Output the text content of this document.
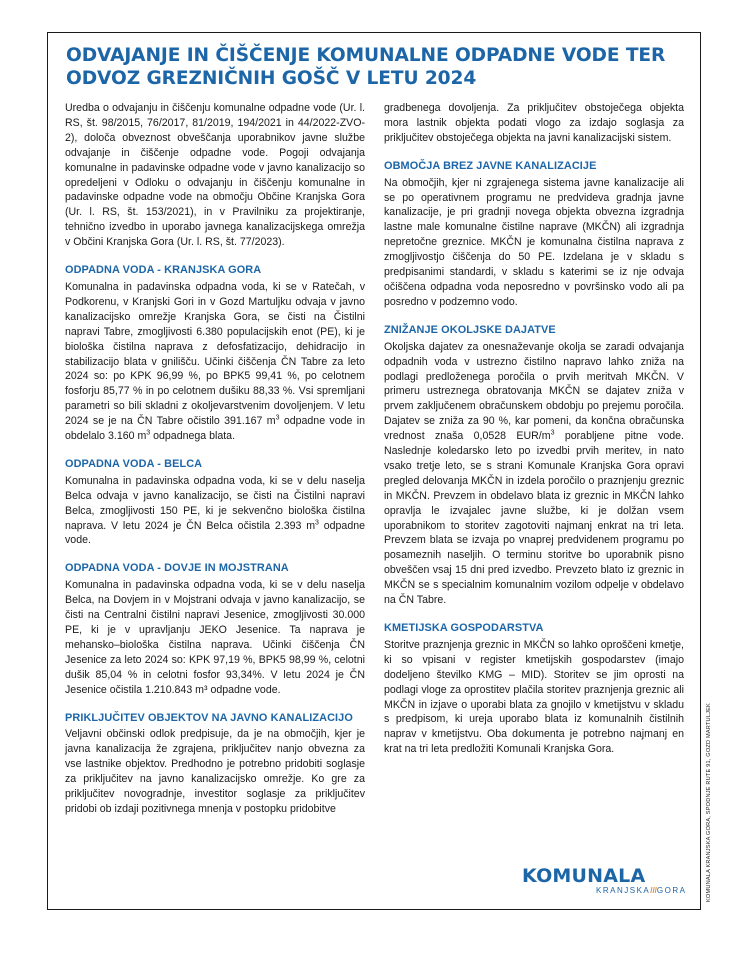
ODVAJANJE IN ČIŠČENJE KOMUNALNE ODPADNE VODE TER ODVOZ GREZNIČNIH GOŠČ V LETU 2024

Uredba o odvajanju in čiščenju komunalne odpadne vode (Ur. l. RS, št. 98/2015, 76/2017, 81/2019, 194/2021 in 44/2022-ZVO-2), določa obveznost obveščanja uporabnikov javne službe odvajanje in čiščenje odpadne vode. Pogoji odvajanja komunalne in padavinske odpadne vode v javno kanalizacijo so opredeljeni v Odloku o odvajanju in čiščenju komunalne in padavinske odpadne vode na območju Občine Kranjska Gora (Ur. l. RS, št. 153/2021), in v Pravilniku za projektiranje, tehnično izvedbo in uporabo javnega kanalizacijskega omrežja v Občini Kranjska Gora (Ur. l. RS, št. 77/2023).

ODPADNA VODA - KRANJSKA GORA

Komunalna in padavinska odpadna voda, ki se v Ratečah, v Podkorenu, v Kranjski Gori in v Gozd Martuljku odvaja v javno kanalizacijsko omrežje Kranjska Gora, se čisti na Čistilni napravi Tabre, zmogljivosti 6.380 populacijskih enot (PE), ki je biološka čistilna naprava z defosfatizacijo, dehidracijo in stabilizacijo blata v gnilišču. Učinki čiščenja ČN Tabre za leto 2024 so: po KPK 96,99 %, po BPK5 99,41 %, po celotnem fosforju 85,77 % in po celotnem dušiku 88,33 %. Vsi spremljani parametri so bili skladni z okoljevarstvenim dovoljenjem. V letu 2024 se je na ČN Tabre očistilo 391.167 $m^3$ odpadne vode in obdelalo 3.160 $m^3$ odpadnega blata.

ODPADNA VODA - BELCA

Komunalna in padavinska odpadna voda, ki se v delu naselja Belca odvaja v javno kanalizacijo, se čisti na Čistilni napravi Belca, zmogljivosti 150 PE, ki je sekvenčno biološka čistilna naprava. V letu 2024 je ČN Belca očistila 2.393 $m^3$ odpadne vode.

ODPADNA VODA - DOVJE IN MOJSTRANA

Komunalna in padavinska odpadna voda, ki se v delu naselja Belca, na Dovjem in v Mojstrani odvaja v javno kanalizacijo, se čisti na Centralni čistilni napravi Jesenice, zmogljivosti 30.000 PE, ki je v upravljanju JEKO Jesenice. Ta naprava je mehansko–biološka čistilna naprava. Učinki čiščenja ČN Jesenice za leto 2024 so: KPK 97,19 %, BPK5 98,99 %, celotni dušik 85,04 % in celotni fosfor 93,34%. V letu 2024 je ČN Jesenice očistila 1.210.843 m³ odpadne vode.

PRIKLJUČITEV OBJEKTOV NA JAVNO KANALIZACIJO

Veljavni občinski odlok predpisuje, da je na območjih, kjer je javna kanalizacija že zgrajena, priključitev nanjo obvezna za vse lastnike objektov. Predhodno je potrebno pridobiti soglasje za priključitev na javno kanalizacijsko omrežje. Ko gre za priključitev novogradnje, investitor soglasje za priključitev pridobi ob izdaji pozitivnega mnenja v postopku pridobitve

gradbenega dovoljenja. Za priključitev obstoječega objekta mora lastnik objekta podati vlogo za izdajo soglasja za priključitev obstoječega objekta na javni kanalizacijski sistem.

OBMOČJA BREZ JAVNE KANALIZACIJE

Na območjih, kjer ni zgrajenega sistema javne kanalizacije ali se po operativnem programu ne predvideva gradnja javne kanalizacije, je pri gradnji novega objekta obvezna izgradnja lastne male komunalne čistilne naprave (MKČN) ali izgradnja nepretočne greznice. MKČN je komunalna čistilna naprava z zmogljivostjo čiščenja do 50 PE. Izdelana je v skladu s predpisanimi standardi, v skladu s katerimi se iz nje odvaja očiščena odpadna voda neposredno v površinsko vodo ali pa posredno v podzemno vodo.

ZNIŽANJE OKOLJSKE DAJATVE

Okoljska dajatev za onesnaževanje okolja se zaradi odvajanja odpadnih voda v ustrezno čistilno napravo lahko zniža na podlagi predloženega poročila o prvih meritvah MKČN. V primeru ustreznega obratovanja MKČN se dajatev zniža v prvem zaključenem obračunskem obdobju po prejemu poročila. Dajatev se zniža za 90 %, kar pomeni, da končna obračunska vrednost znaša 0,0528 EUR/$m^3$ porabljene pitne vode. Naslednje koledarsko leto po izvedbi prvih meritev, in nato vsako tretje leto, se s strani Komunale Kranjska Gora opravi pregled delovanja MKČN in izdela poročilo o praznjenju greznic in MKČN. Prevzem in obdelavo blata iz greznic in MKČN lahko opravlja le izvajalec javne službe, ki je dolžan vsem uporabnikom to storitev zagotoviti najmanj enkrat na tri leta. Prevzem blata se izvaja po vnaprej predvidenem programu po posameznih naseljih. O terminu storitve bo uporabnik pisno obveščen vsaj 15 dni pred izvedbo. Prevzeto blato iz greznic in MKČN se s specialnim komunalnim vozilom odpelje v obdelavo na ČN Tabre.

KMETIJSKA GOSPODARSTVA

Storitve praznjenja greznic in MKČN so lahko oproščeni kmetje, ki so vpisani v register kmetijskih gospodarstev (imajo dodeljeno številko KMG – MID). Storitev se jim oprosti na podlagi vloge za oprostitev plačila storitev praznjenja greznic ali MKČN in izjave o uporabi blata za gnojilo v kmetijstvu v skladu s predpisom, ki ureja uporabo blata iz komunalnih čistilnih naprav v kmetijstvu. Oba dokumenta je potrebno najmanj en krat na tri leta predložiti Komunali Kranjska Gora.

KOMUNALA
KRANJSKA///GORA	KOMUNALA KRANJSKA GORA, SPODNJE RUTE 91, GOZD MARTULJEK
